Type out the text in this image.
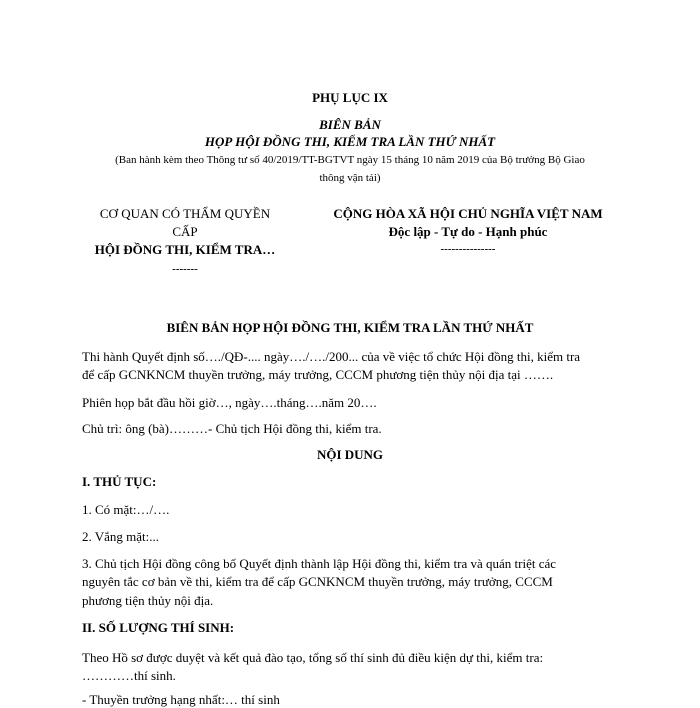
PHỤ LỤC IX
BIÊN BẢN
HỌP HỘI ĐỒNG THI, KIỂM TRA LẦN THỨ NHẤT
(Ban hành kèm theo Thông tư số 40/2019/TT-BGTVT ngày 15 tháng 10 năm 2019 của Bộ trưởng Bộ Giao
thông vận tải)
CƠ QUAN CÓ THẨM QUYỀN
CẤP
HỘI ĐỒNG THI, KIỂM TRA…
-------
CỘNG HÒA XÃ HỘI CHỦ NGHĨA VIỆT NAM
Độc lập - Tự do - Hạnh phúc
---------------
BIÊN BẢN HỌP HỘI ĐỒNG THI, KIỂM TRA LẦN THỨ NHẤT
Thi hành Quyết định số…./QĐ-.... ngày…./…./200... của về việc tổ chức Hội đồng thi, kiểm tra
để cấp GCNKNCM thuyền trưởng, máy trưởng, CCCM phương tiện thủy nội địa tại …….
Phiên họp bắt đầu hồi giờ…, ngày….tháng….năm 20….
Chủ trì: ông (bà)………- Chủ tịch Hội đồng thi, kiểm tra.
NỘI DUNG
I. THỦ TỤC:
1. Có mặt:…/….
2. Vắng mặt:...
3. Chủ tịch Hội đồng công bố Quyết định thành lập Hội đồng thi, kiểm tra và quán triệt các
nguyên tắc cơ bản về thi, kiểm tra để cấp GCNKNCM thuyền trưởng, máy trưởng, CCCM
phương tiện thủy nội địa.
II. SỐ LƯỢNG THÍ SINH:
Theo Hồ sơ được duyệt và kết quả đào tạo, tổng số thí sinh đủ điều kiện dự thi, kiểm tra:
…………thí sinh.
- Thuyền trưởng hạng nhất:… thí sinh
